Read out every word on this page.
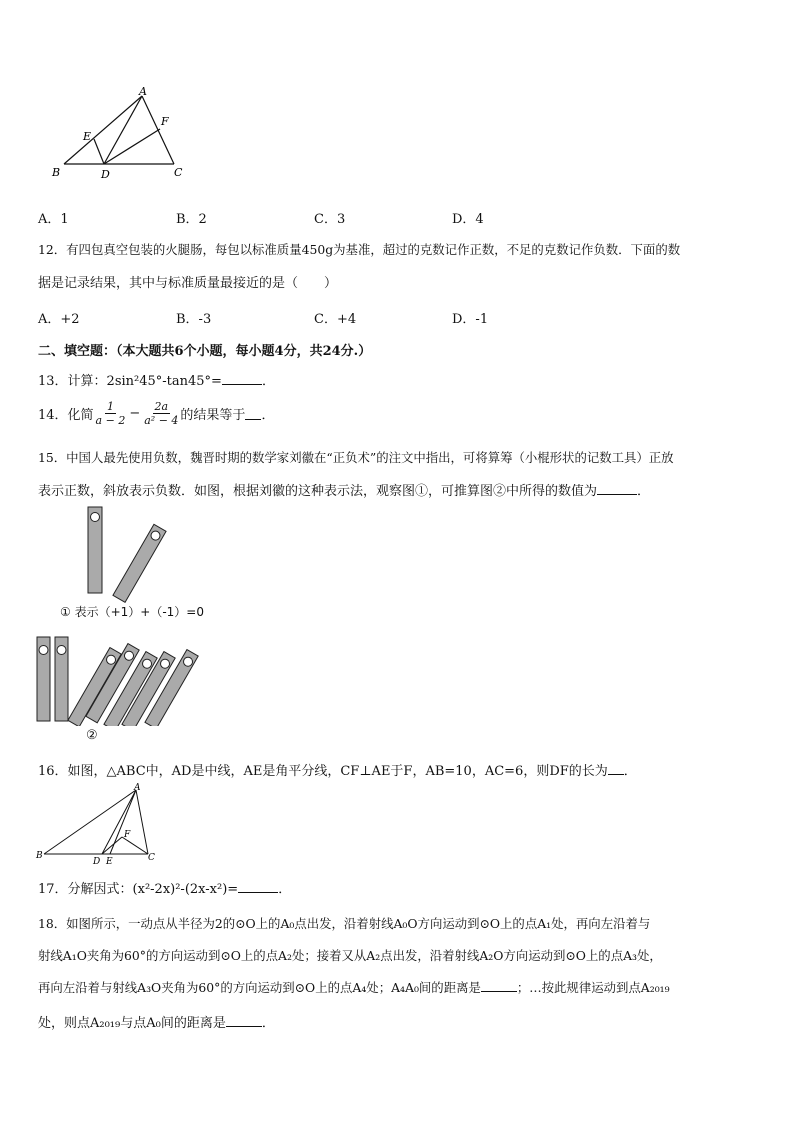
A
B	C
D
E
F
A．1	B．2	C．3	D．4
12．有四包真空包装的火腿肠，每包以标准质量450g为基准，超过的克数记作正数，不足的克数记作负数．下面的数
据是记录结果，其中与标准质量最接近的是（　　）
A．+2	B．-3	C．+4	D．-1
二、填空题：（本大题共6个小题，每小题4分，共24分.）
13．计算：2sin²45°-tan45°=	．
14．化简 $\frac{1}{a - 2} - \frac{2a}{\text{a² − 4}}$ 的结果等于 ．
15．中国人最先使用负数，魏晋时期的数学家刘徽在“正负术”的注文中指出，可将算筹（小棍形状的记数工具）正放
表示正数，斜放表示负数．如图，根据刘徽的这种表示法，观察图①，可推算图②中所得的数值为	．
① 表示（+1）+（-1）=0
②
16．如图，△ABC中，AD是中线，AE是角平分线，CF⊥AE于F，AB=10，AC=6，则DF的长为 ．
A
B	C
D E
F
17．分解因式：(x²-2x)²-(2x-x²)=	．
18．如图所示，一动点从半径为2的⊙O上的A₀点出发，沿着射线A₀O方向运动到⊙O上的点A₁处，再向左沿着与
射线A₁O夹角为60°的方向运动到⊙O上的点A₂处；接着又从A₂点出发，沿着射线A₂O方向运动到⊙O上的点A₃处，
再向左沿着与射线A₃O夹角为60°的方向运动到⊙O上的点A₄处；A₄A₀间的距离是	；…按此规律运动到点A₂₀₁₉
处，则点A₂₀₁₉与点A₀间的距离是	．
